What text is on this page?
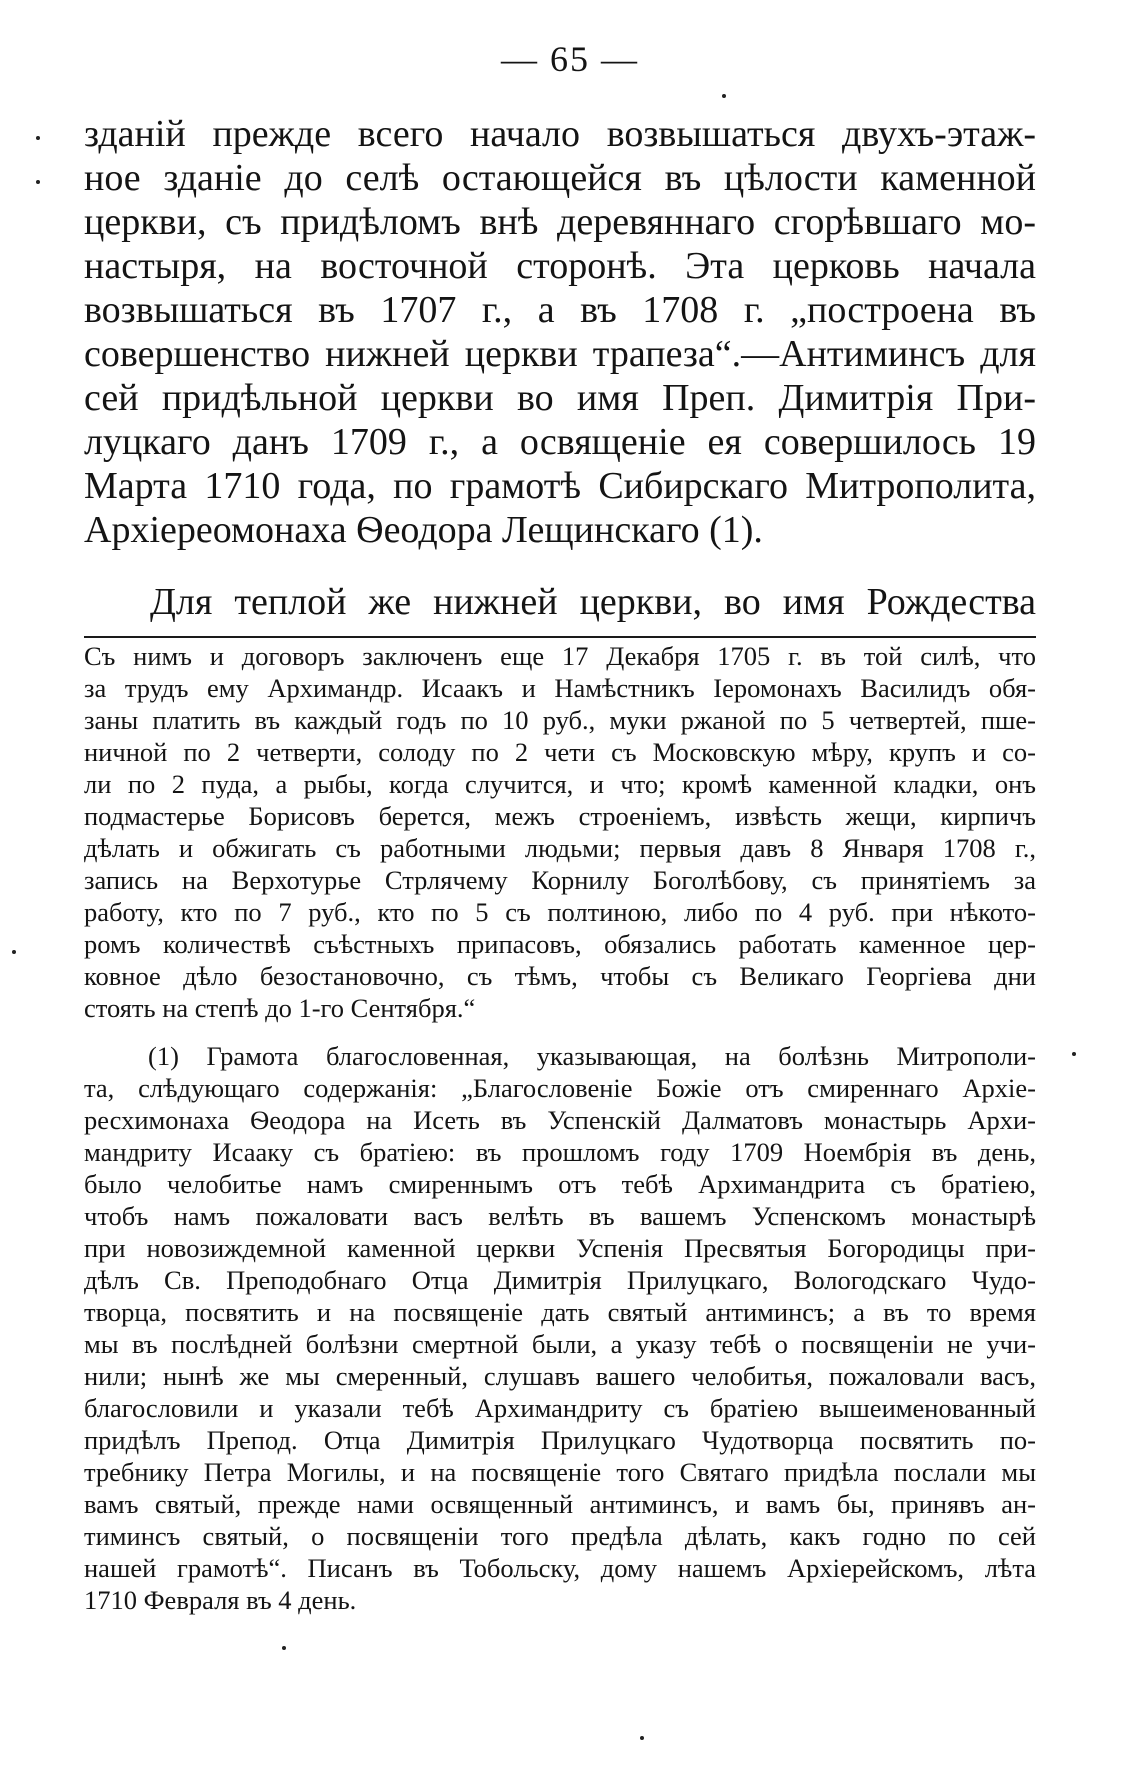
— 65 —
зданій прежде всего начало возвышаться двухъ-этаж-
ное зданіе до селѣ остающейся въ цѣлости каменной
церкви, съ придѣломъ внѣ деревяннаго сгорѣвшаго мо-
настыря, на восточной сторонѣ. Эта церковь начала
возвышаться въ 1707 г., а въ 1708 г. „построена въ
совершенство нижней церкви трапеза“.—Антиминсъ для
сей придѣльной церкви во имя Преп. Димитрія При-
луцкаго данъ 1709 г., а освященіе ея совершилось 19
Марта 1710 года, по грамотѣ Сибирскаго Митрополита,
Архіереомонаха Ѳеодора Лещинскаго (1).
Для теплой же нижней церкви, во имя Рождества
Съ нимъ и договоръ заключенъ еще 17 Декабря 1705 г. въ той силѣ, что
за трудъ ему Архимандр. Исаакъ и Намѣстникъ Іеромонахъ Василидъ обя-
заны платить въ каждый годъ по 10 руб., муки ржаной по 5 четвертей, пше-
ничной по 2 четверти, солоду по 2 чети съ Московскую мѣру, крупъ и со-
ли по 2 пуда, а рыбы, когда случится, и что; кромѣ каменной кладки, онъ
подмастерье Борисовъ берется, межъ строеніемъ, извѣсть жещи, кирпичъ
дѣлать и обжигать съ работными людьми; первыя давъ 8 Января 1708 г.,
запись на Верхотурье Стрлячему Корнилу Боголѣбову, съ принятіемъ за
работу, кто по 7 руб., кто по 5 съ полтиною, либо по 4 руб. при нѣкото-
ромъ количествѣ съѣстныхъ припасовъ, обязались работать каменное цер-
ковное дѣло безостановочно, съ тѣмъ, чтобы съ Великаго Георгіева дни
стоять на степѣ до 1-го Сентября.“
(1) Грамота благословенная, указывающая, на болѣзнь Митрополи-
та, слѣдующаго содержанія: „Благословеніе Божіе отъ смиреннаго Архіе-
ресхимонаха Ѳеодора на Исеть въ Успенскій Далматовъ монастырь Архи-
мандриту Исааку съ братіею: въ прошломъ году 1709 Ноембрія въ день,
было челобитье намъ смиреннымъ отъ тебѣ Архимандрита съ братіею,
чтобъ намъ пожаловати васъ велѣть въ вашемъ Успенскомъ монастырѣ
при новозиждемной каменной церкви Успенія Пресвятыя Богородицы при-
дѣлъ Св. Преподобнаго Отца Димитрія Прилуцкаго, Вологодскаго Чудо-
творца, посвятить и на посвященіе дать святый антиминсъ; а въ то время
мы въ послѣдней болѣзни смертной были, а указу тебѣ о посвященіи не учи-
нили; нынѣ же мы смеренный, слушавъ вашего челобитья, пожаловали васъ,
благословили и указали тебѣ Архимандриту съ братіею вышеименованный
придѣлъ Препод. Отца Димитрія Прилуцкаго Чудотворца посвятить по-
требнику Петра Могилы, и на посвященіе того Святаго придѣла послали мы
вамъ святый, прежде нами освященный антиминсъ, и вамъ бы, принявъ ан-
тиминсъ святый, о посвященіи того предѣла дѣлать, какъ годно по сей
нашей грамотѣ“. Писанъ въ Тобольску, дому нашемъ Архіерейскомъ, лѣта
1710 Февраля въ 4 день.
